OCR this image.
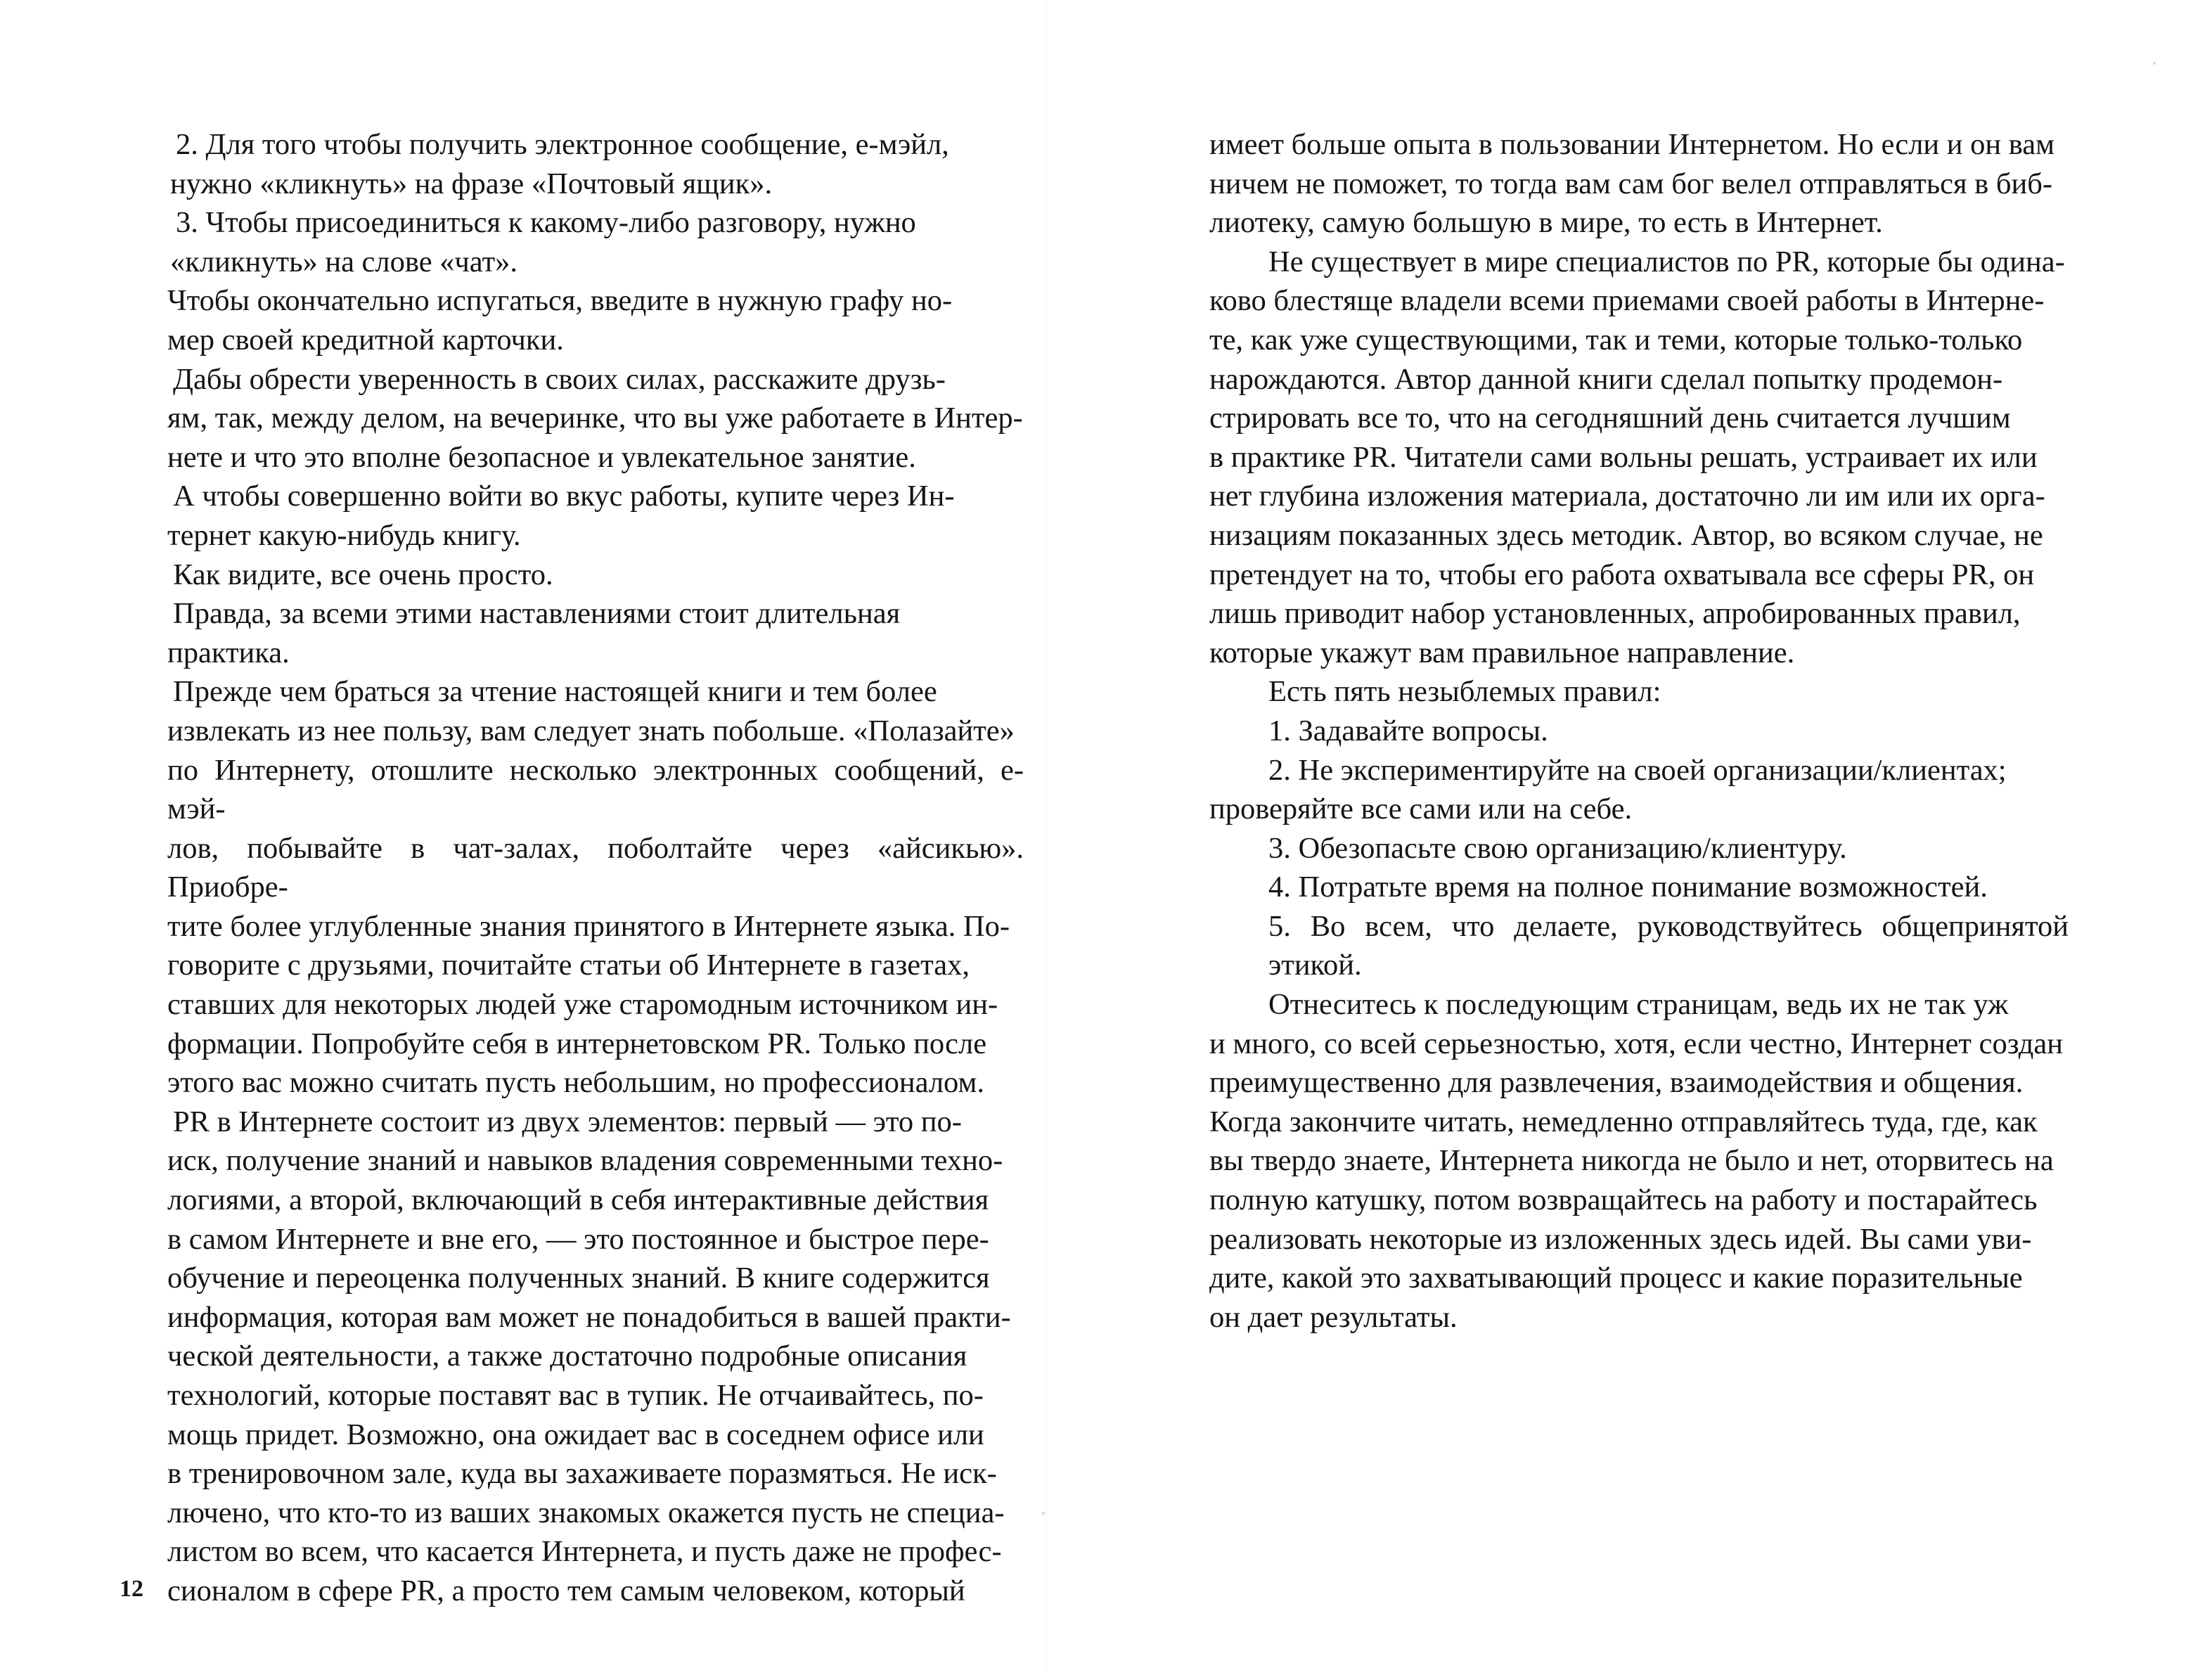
2. Для того чтобы получить электронное сообщение, е-мэйл,
нужно «кликнуть» на фразе «Почтовый ящик».

3. Чтобы присоединиться к какому-либо разговору, нужно
«кликнуть» на слове «чат».

Чтобы окончательно испугаться, введите в нужную графу но-
мер своей кредитной карточки.

Дабы обрести уверенность в своих силах, расскажите друзь-
ям, так, между делом, на вечеринке, что вы уже работаете в Интер-
нете и что это вполне безопасное и увлекательное занятие.

А чтобы совершенно войти во вкус работы, купите через Ин-
тернет какую-нибудь книгу.

Как видите, все очень просто.

Правда, за всеми этими наставлениями стоит длительная
практика.

Прежде чем браться за чтение настоящей книги и тем более
извлекать из нее пользу, вам следует знать побольше. «Полазайте»
по Интернету, отошлите несколько электронных сообщений, е-мэй-
лов, побывайте в чат-залах, поболтайте через «айсикью». Приобре-
тите более углубленные знания принятого в Интернете языка. По-
говорите с друзьями, почитайте статьи об Интернете в газетах,
ставших для некоторых людей уже старомодным источником ин-
формации. Попробуйте себя в интернетовском PR. Только после
этого вас можно считать пусть небольшим, но профессионалом.

PR в Интернете состоит из двух элементов: первый — это по-
иск, получение знаний и навыков владения современными техно-
логиями, а второй, включающий в себя интерактивные действия
в самом Интернете и вне его, — это постоянное и быстрое пере-
обучение и переоценка полученных знаний. В книге содержится
информация, которая вам может не понадобиться в вашей практи-
ческой деятельности, а также достаточно подробные описания
технологий, которые поставят вас в тупик. Не отчаивайтесь, по-
мощь придет. Возможно, она ожидает вас в соседнем офисе или
в тренировочном зале, куда вы захаживаете поразмяться. Не иск-
лючено, что кто-то из ваших знакомых окажется пусть не специа-
листом во всем, что касается Интернета, и пусть даже не профес-
сионалом в сфере PR, а просто тем самым человеком, который

имеет больше опыта в пользовании Интернетом. Но если и он вам
ничем не поможет, то тогда вам сам бог велел отправляться в биб-
лиотеку, самую большую в мире, то есть в Интернет.

Не существует в мире специалистов по PR, которые бы одина-
ково блестяще владели всеми приемами своей работы в Интерне-
те, как уже существующими, так и теми, которые только-только
нарождаются. Автор данной книги сделал попытку продемон-
стрировать все то, что на сегодняшний день считается лучшим
в практике PR. Читатели сами вольны решать, устраивает их или
нет глубина изложения материала, достаточно ли им или их орга-
низациям показанных здесь методик. Автор, во всяком случае, не
претендует на то, чтобы его работа охватывала все сферы PR, он
лишь приводит набор установленных, апробированных правил,
которые укажут вам правильное направление.

Есть пять незыблемых правил:

1. Задавайте вопросы.

2. Не экспериментируйте на своей организации/клиентах;
проверяйте все сами или на себе.

3. Обезопасьте свою организацию/клиентуру.

4. Потратьте время на полное понимание возможностей.

5. Во всем, что делаете, руководствуйтесь общепринятой этикой.

Отнеситесь к последующим страницам, ведь их не так уж
и много, со всей серьезностью, хотя, если честно, Интернет создан
преимущественно для развлечения, взаимодействия и общения.
Когда закончите читать, немедленно отправляйтесь туда, где, как
вы твердо знаете, Интернета никогда не было и нет, оторвитесь на
полную катушку, потом возвращайтесь на работу и постарайтесь
реализовать некоторые из изложенных здесь идей. Вы сами уви-
дите, какой это захватывающий процесс и какие поразительные
он дает результаты.

12
